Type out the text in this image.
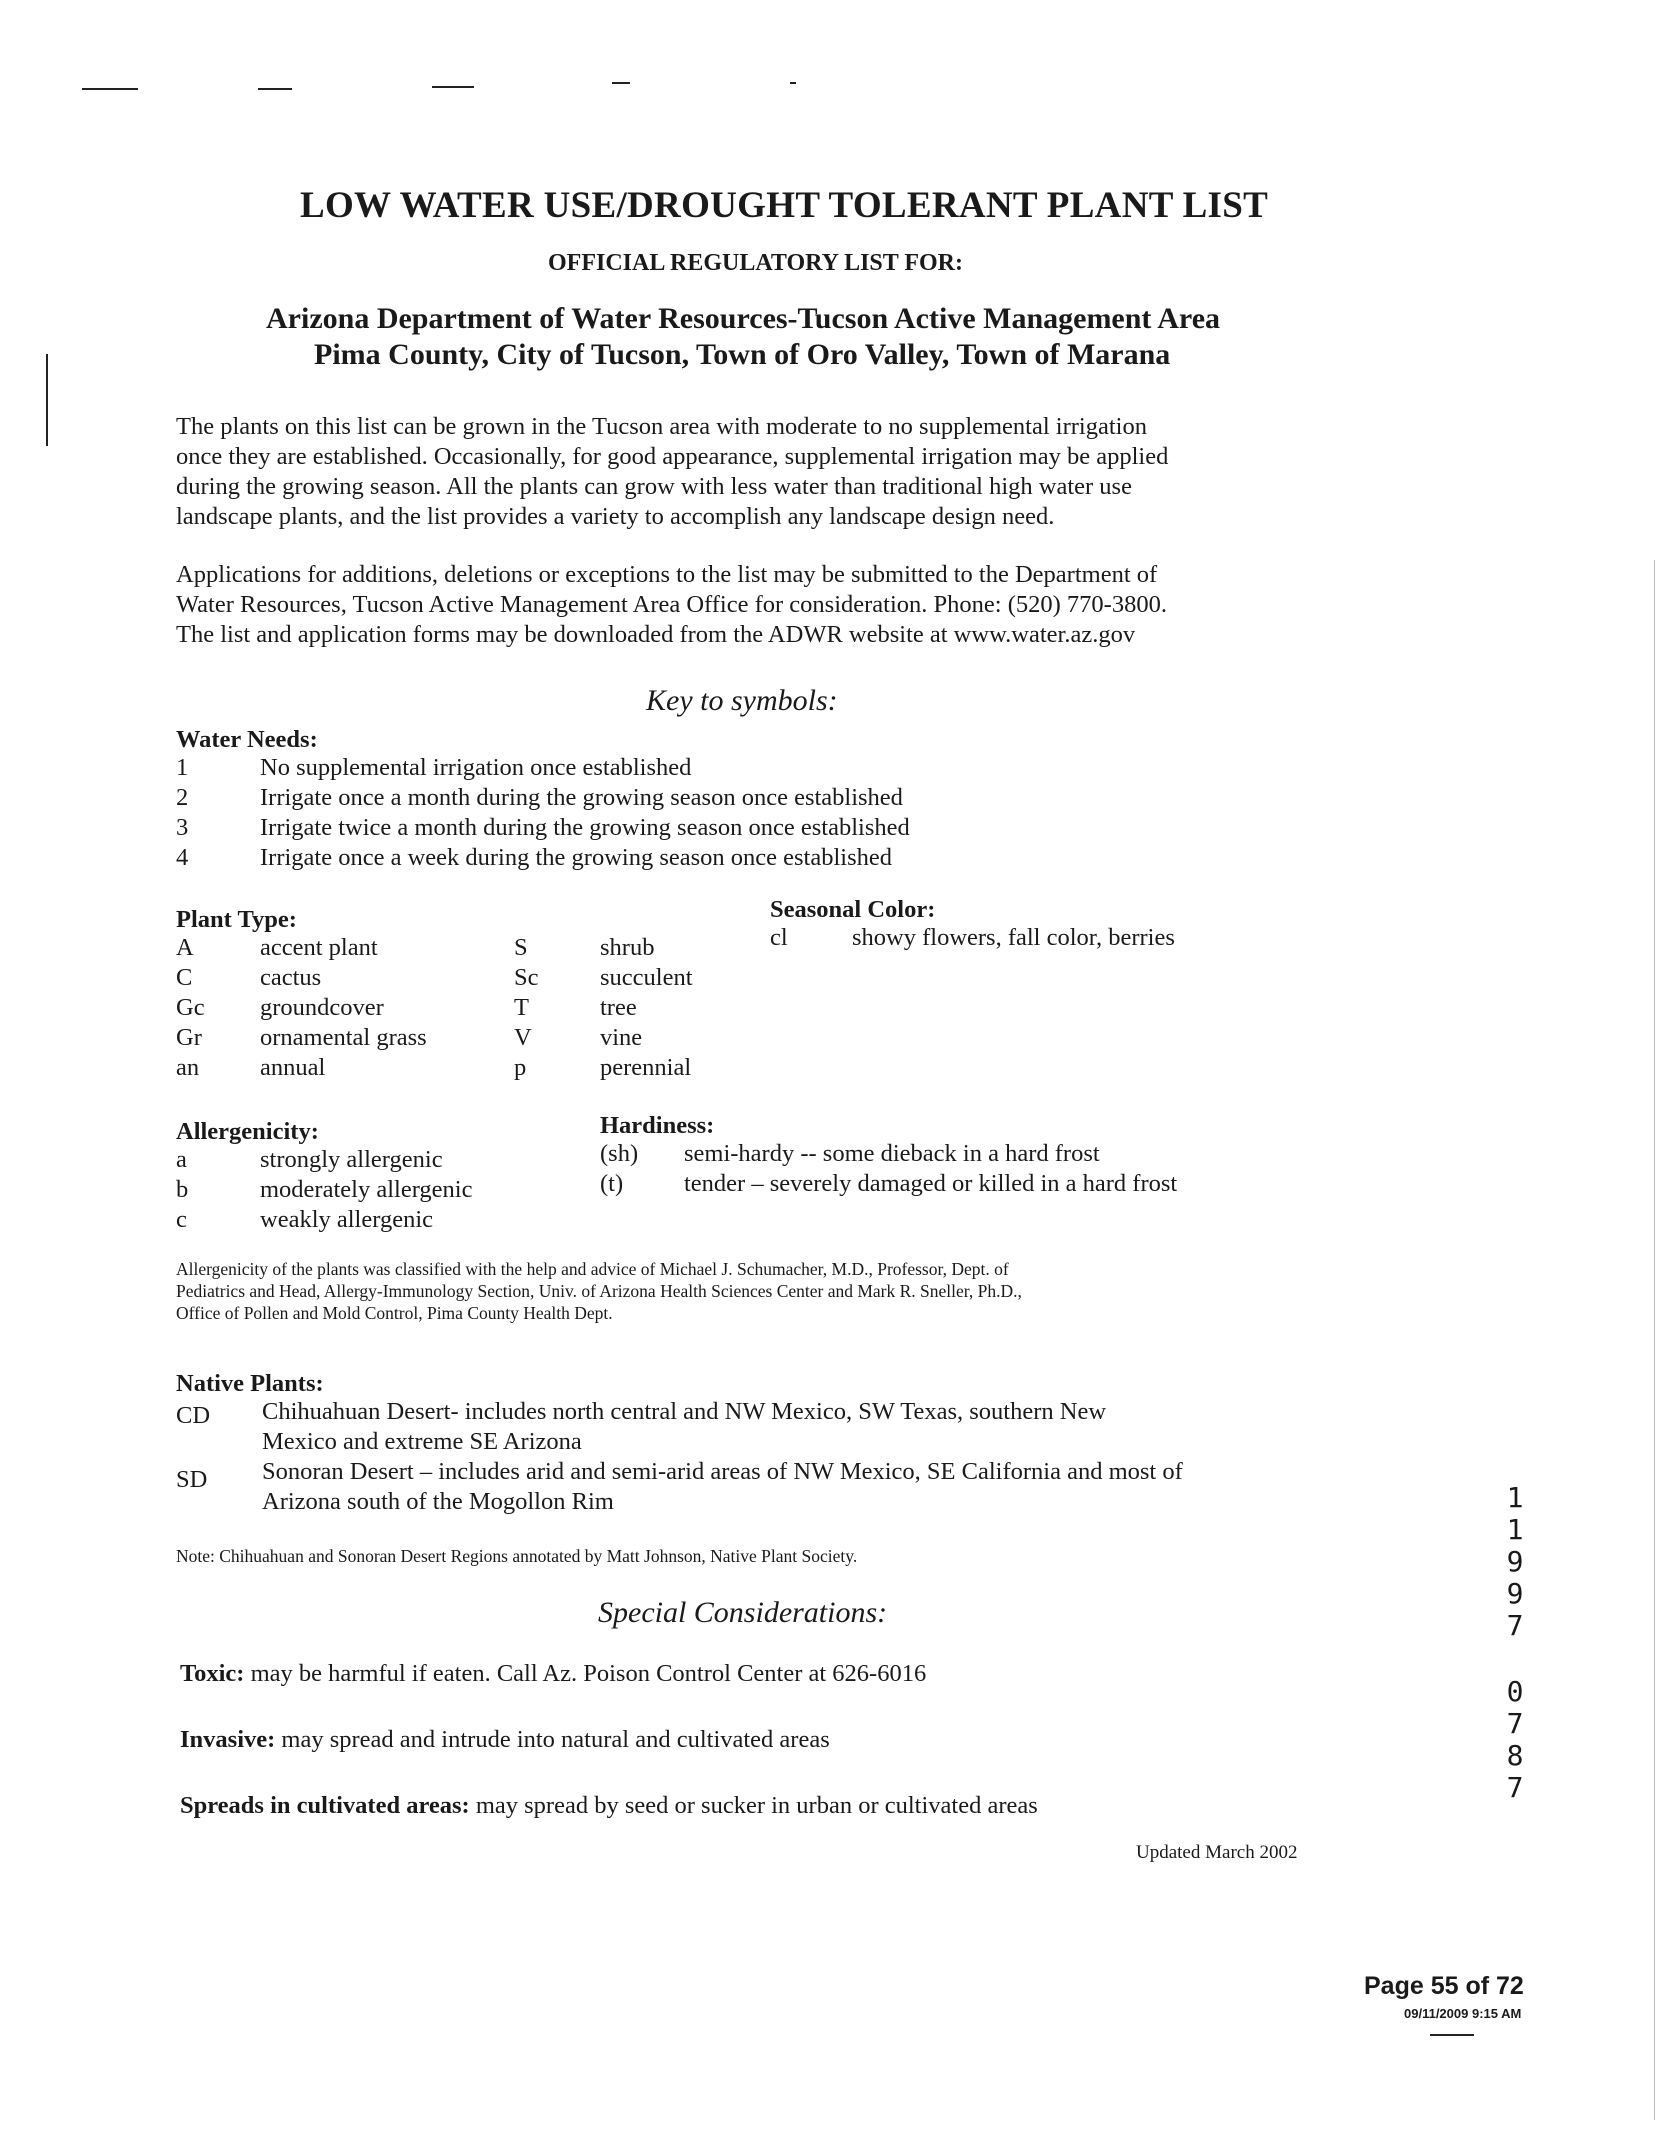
LOW WATER USE/DROUGHT TOLERANT PLANT LIST
OFFICIAL REGULATORY LIST FOR:
Arizona Department of Water Resources-Tucson Active Management Area
Pima County, City of Tucson, Town of Oro Valley, Town of Marana
The plants on this list can be grown in the Tucson area with moderate to no supplemental irrigation
once they are established. Occasionally, for good appearance, supplemental irrigation may be applied
during the growing season. All the plants can grow with less water than traditional high water use
landscape plants, and the list provides a variety to accomplish any landscape design need.
Applications for additions, deletions or exceptions to the list may be submitted to the Department of
Water Resources, Tucson Active Management Area Office for consideration. Phone: (520) 770-3800.
The list and application forms may be downloaded from the ADWR website at www.water.az.gov
Key to symbols:
Water Needs:
1	No supplemental irrigation once established
2	Irrigate once a month during the growing season once established
3	Irrigate twice a month during the growing season once established
4	Irrigate once a week during the growing season once established
Plant Type:	Seasonal Color:
A	accent plant	S	shrub
C	cactus	Sc	succulent
Gc groundcover	T	tree
Gr ornamental grass	V	vine
an annual	p	perennial
cl	showy flowers, fall color, berries
Allergenicity:	Hardiness:
a	strongly allergenic
b	moderately allergenic
c	weakly allergenic
(sh) semi-hardy -- some dieback in a hard frost
(t) tender – severely damaged or killed in a hard frost
Allergenicity of the plants was classified with the help and advice of Michael J. Schumacher, M.D., Professor, Dept. of
Pediatrics and Head, Allergy-Immunology Section, Univ. of Arizona Health Sciences Center and Mark R. Sneller, Ph.D.,
Office of Pollen and Mold Control, Pima County Health Dept.
Native Plants:
CD Chihuahuan Desert- includes north central and NW Mexico, SW Texas, southern New
Mexico and extreme SE Arizona
SD Sonoran Desert – includes arid and semi-arid areas of NW Mexico, SE California and most of
Arizona south of the Mogollon Rim
Note: Chihuahuan and Sonoran Desert Regions annotated by Matt Johnson, Native Plant Society.
Special Considerations:
Toxic: may be harmful if eaten. Call Az. Poison Control Center at 626-6016
Invasive: may spread and intrude into natural and cultivated areas
Spreads in cultivated areas: may spread by seed or sucker in urban or cultivated areas
Updated March 2002
1
1
9
9
7
0
7
8
7
Page 55 of 72
09/11/2009 9:15 AM
